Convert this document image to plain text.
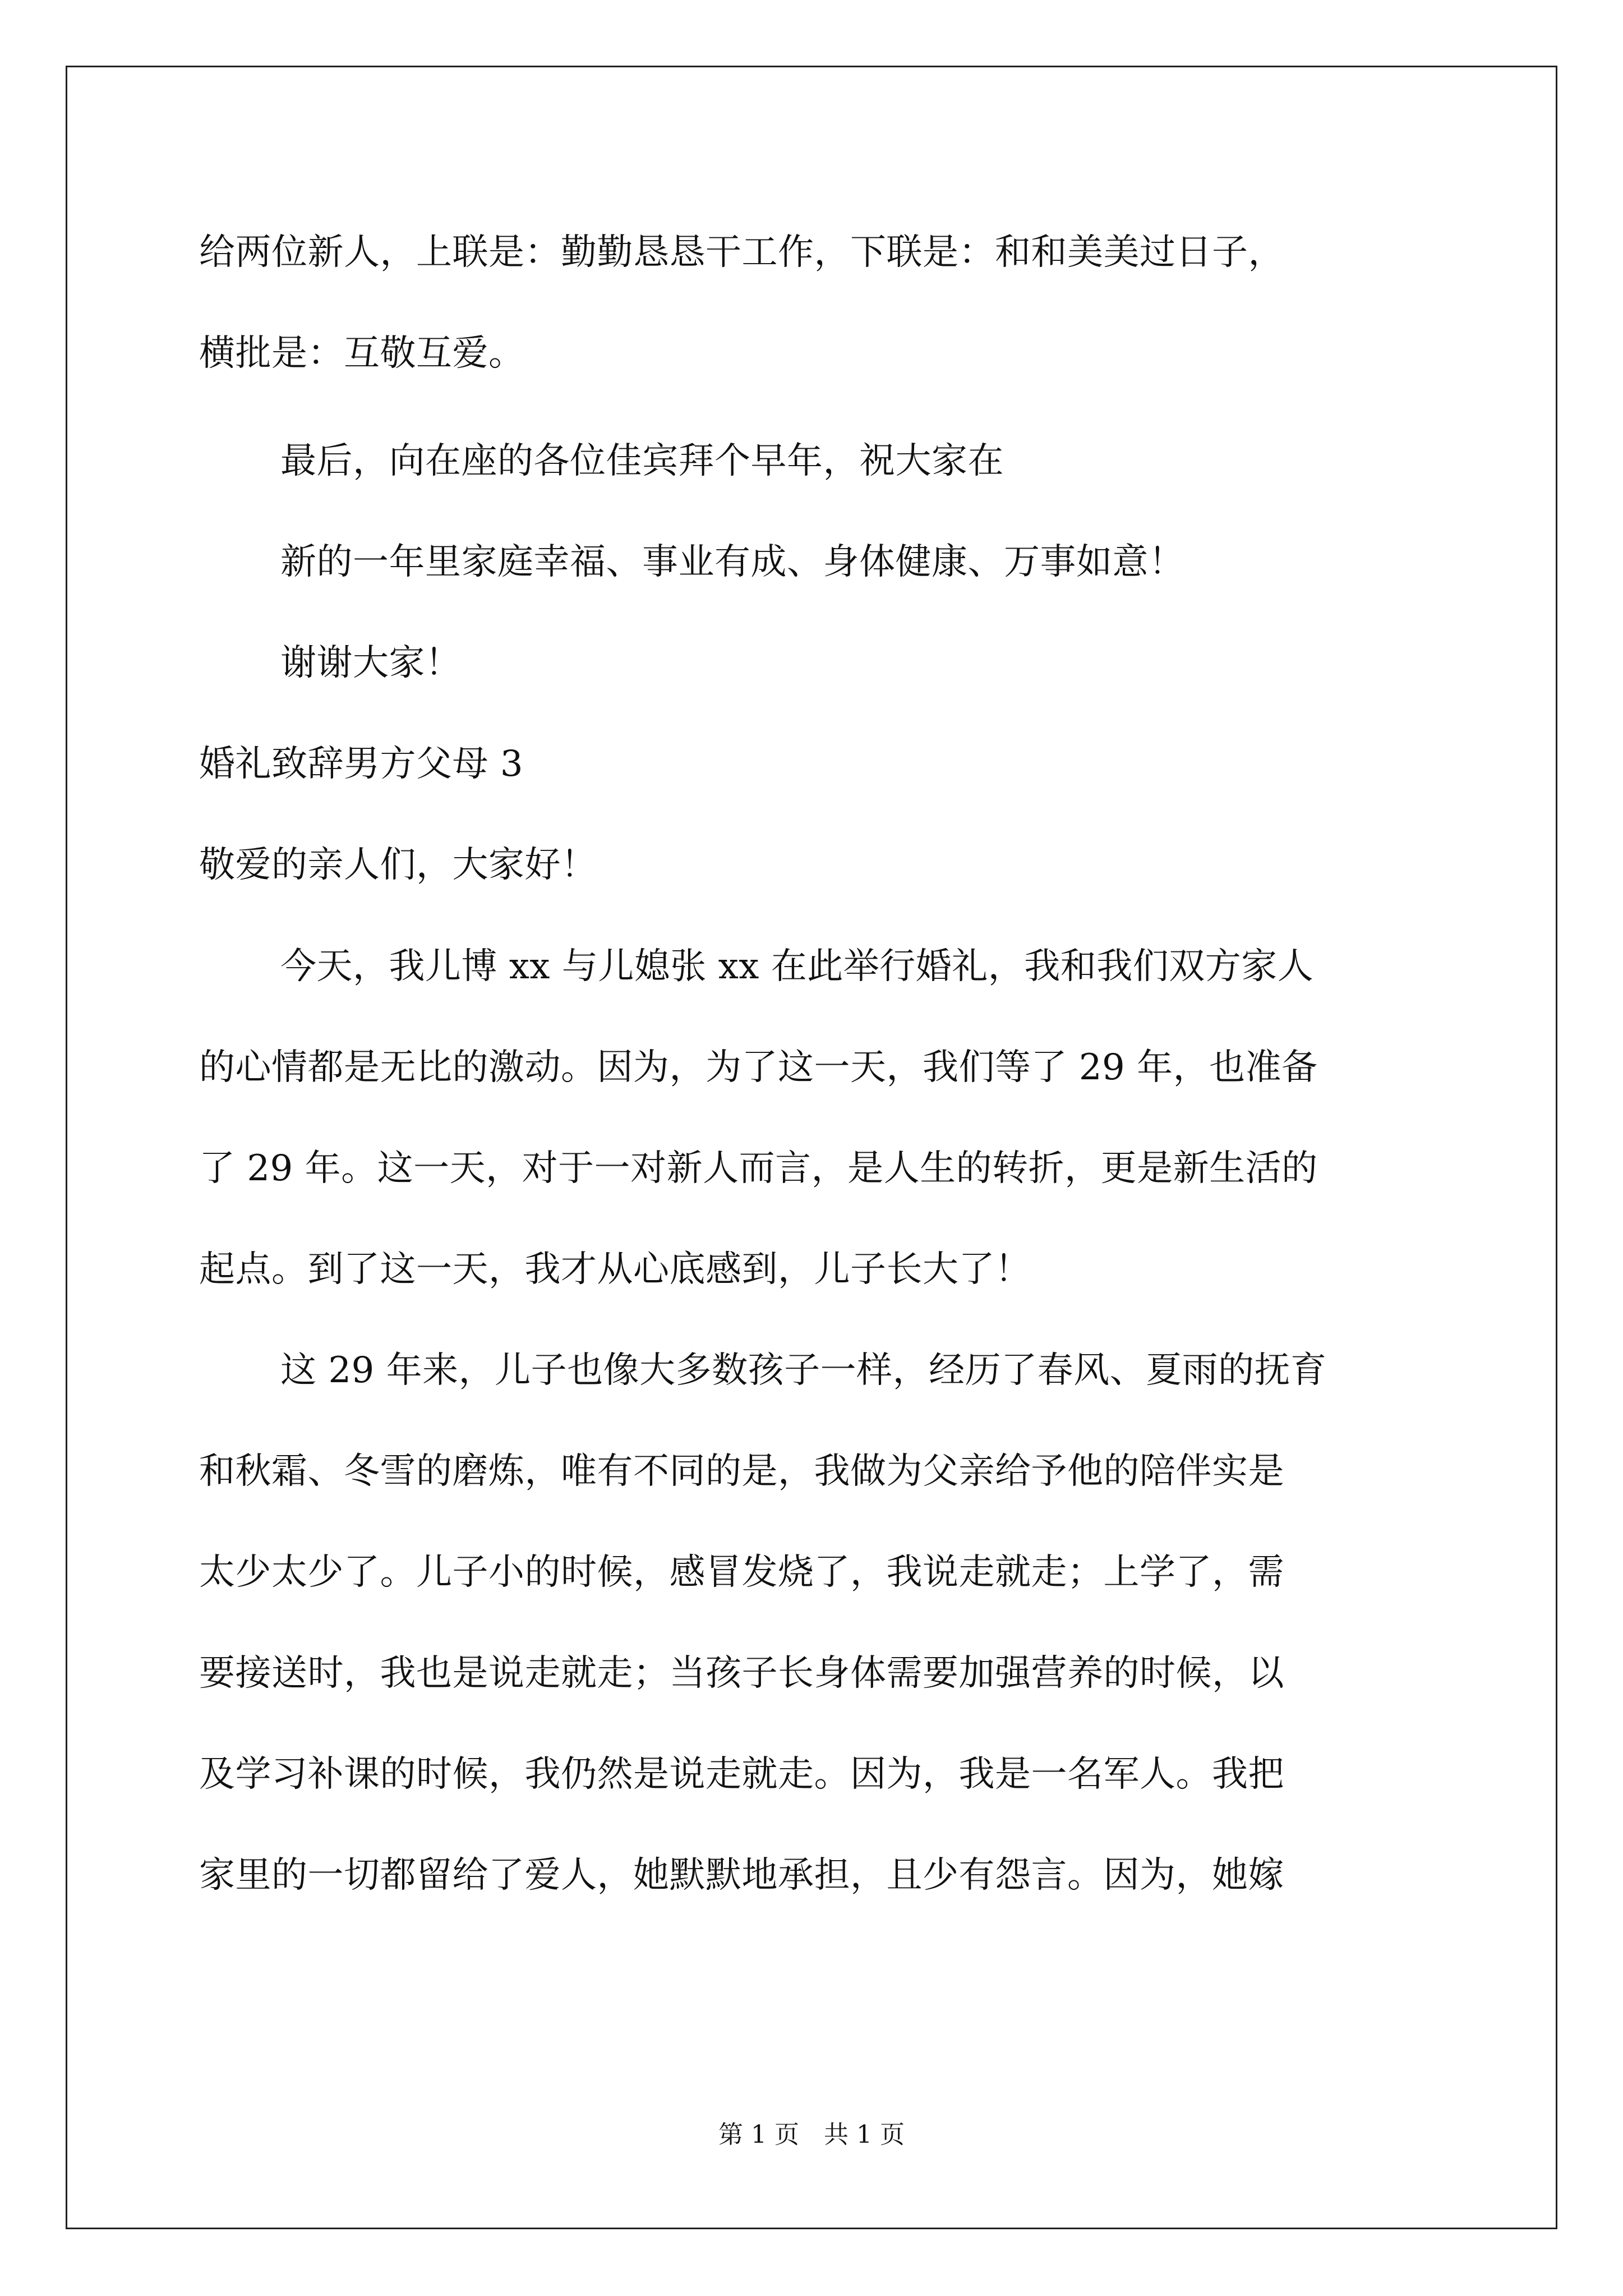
给两位新人，上联是：勤勤恳恳干工作，下联是：和和美美过日子，
横批是：互敬互爱。
最后，向在座的各位佳宾拜个早年，祝大家在
新的一年里家庭幸福、事业有成、身体健康、万事如意！
谢谢大家！
婚礼致辞男方父母 3
敬爱的亲人们，大家好！
今天，我儿博 xx 与儿媳张 xx 在此举行婚礼，我和我们双方家人
的心情都是无比的激动。因为，为了这一天，我们等了 29 年，也准备
了 29 年。这一天，对于一对新人而言，是人生的转折，更是新生活的
起点。到了这一天，我才从心底感到，儿子长大了！
这 29 年来，儿子也像大多数孩子一样，经历了春风、夏雨的抚育
和秋霜、冬雪的磨炼，唯有不同的是，我做为父亲给予他的陪伴实是
太少太少了。儿子小的时候，感冒发烧了，我说走就走；上学了，需
要接送时，我也是说走就走；当孩子长身体需要加强营养的时候，以
及学习补课的时候，我仍然是说走就走。因为，我是一名军人。我把
家里的一切都留给了爱人，她默默地承担，且少有怨言。因为，她嫁
第 1 页　共 1 页
